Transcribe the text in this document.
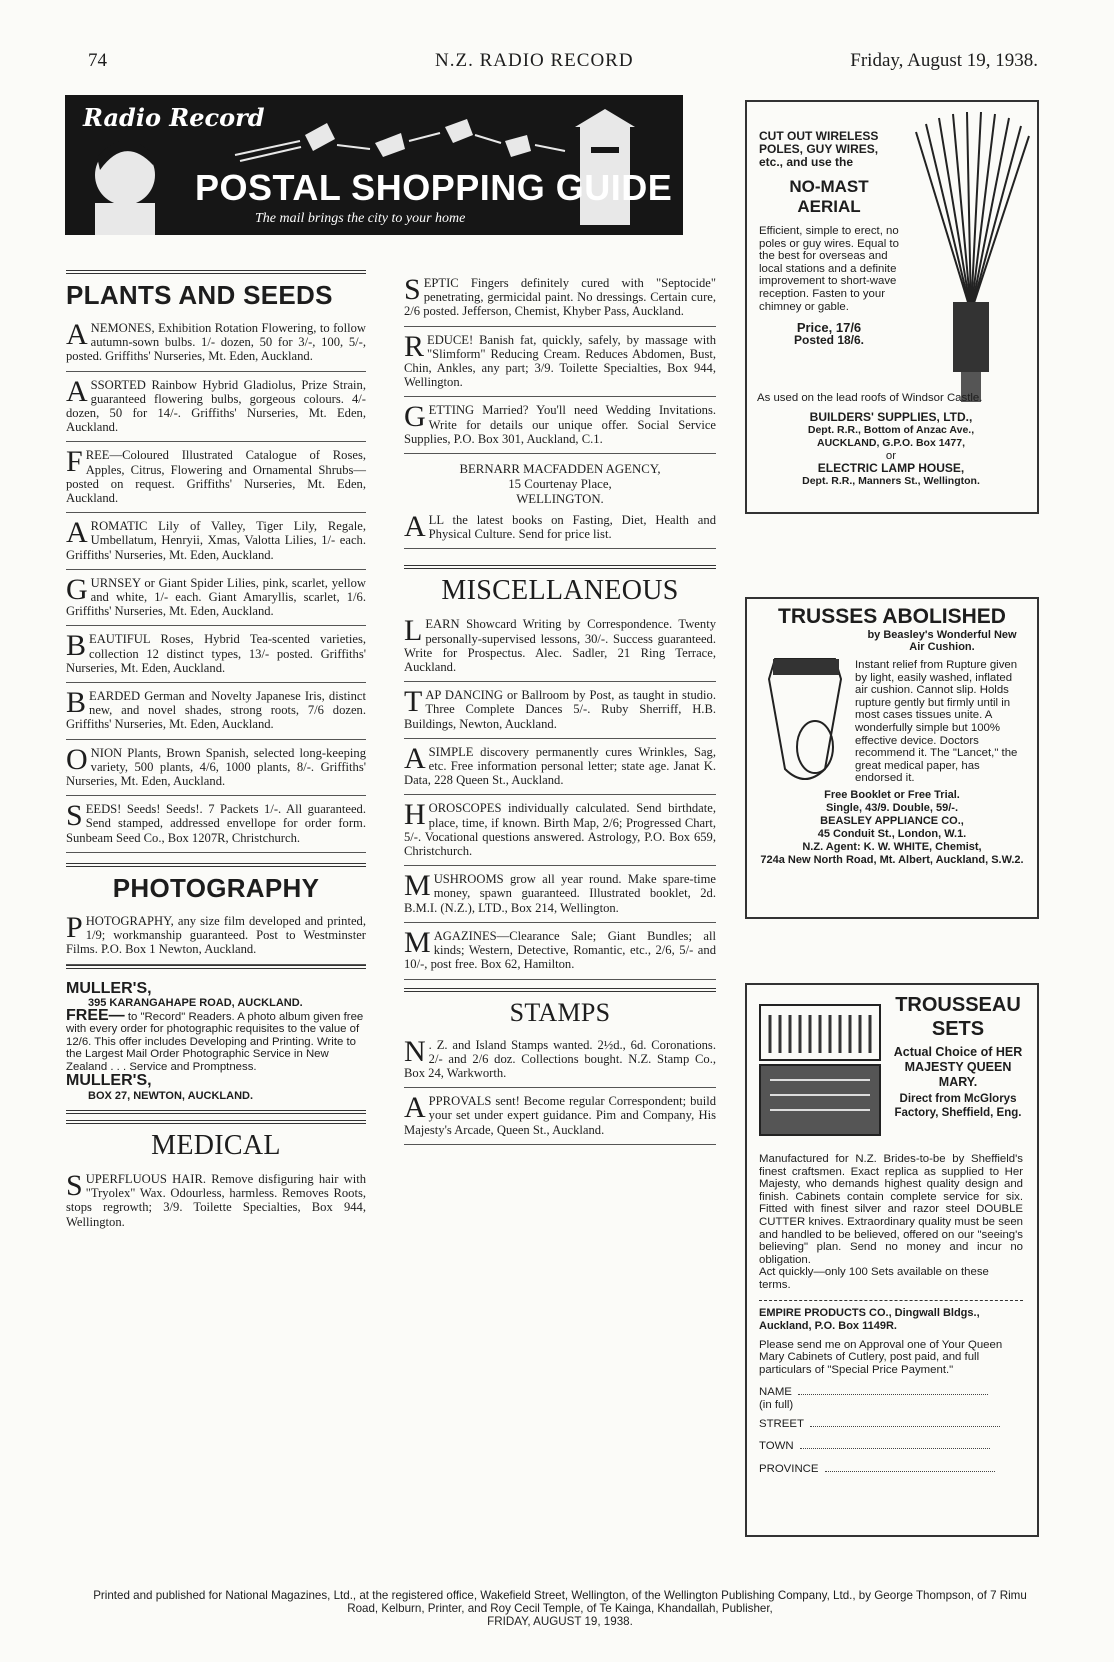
74	N.Z. RADIO RECORD	Friday, August 19, 1938.
Radio Record
POSTAL SHOPPING GUIDE
The mail brings the city to your home
PLANTS AND SEEDS

ANEMONES, Exhibition Rotation Flowering, to follow autumn-sown bulbs. 1/- dozen, 50 for 3/-, 100, 5/-, posted. Griffiths' Nurseries, Mt. Eden, Auckland.

ASSORTED Rainbow Hybrid Gladiolus, Prize Strain, guaranteed flowering bulbs, gorgeous colours. 4/- dozen, 50 for 14/-. Griffiths' Nurseries, Mt. Eden, Auckland.

FREE—Coloured Illustrated Catalogue of Roses, Apples, Citrus, Flowering and Ornamental Shrubs—posted on request. Griffiths' Nurseries, Mt. Eden, Auckland.

AROMATIC Lily of Valley, Tiger Lily, Regale, Umbellatum, Henryii, Xmas, Valotta Lilies, 1/- each. Griffiths' Nurseries, Mt. Eden, Auckland.

GURNSEY or Giant Spider Lilies, pink, scarlet, yellow and white, 1/- each. Giant Amaryllis, scarlet, 1/6. Griffiths' Nurseries, Mt. Eden, Auckland.

BEAUTIFUL Roses, Hybrid Tea-scented varieties, collection 12 distinct types, 13/- posted. Griffiths' Nurseries, Mt. Eden, Auckland.

BEARDED German and Novelty Japanese Iris, distinct new, and novel shades, strong roots, 7/6 dozen. Griffiths' Nurseries, Mt. Eden, Auckland.

ONION Plants, Brown Spanish, selected long-keeping variety, 500 plants, 4/6, 1000 plants, 8/-. Griffiths' Nurseries, Mt. Eden, Auckland.

SEEDS! Seeds! Seeds!. 7 Packets 1/-. All guaranteed. Send stamped, addressed envellope for order form. Sunbeam Seed Co., Box 1207R, Christchurch.

PHOTOGRAPHY

PHOTOGRAPHY, any size film developed and printed, 1/9; workmanship guaranteed. Post to Westminster Films. P.O. Box 1 Newton, Auckland.

MULLER'S,
395 KARANGAHAPE ROAD, AUCKLAND.
FREE— to "Record" Readers. A photo album given free with every order for photographic requisites to the value of 12/6. This offer includes Developing and Printing. Write to the Largest Mail Order Photographic Service in New Zealand . . . Service and Promptness.
MULLER'S,
BOX 27, NEWTON, AUCKLAND.
MEDICAL

SUPERFLUOUS HAIR. Remove disfiguring hair with "Tryolex" Wax. Odourless, harmless. Removes Roots, stops regrowth; 3/9. Toilette Specialties, Box 944, Wellington.

SEPTIC Fingers definitely cured with "Septocide" penetrating, germicidal paint. No dressings. Certain cure, 2/6 posted. Jefferson, Chemist, Khyber Pass, Auckland.

REDUCE! Banish fat, quickly, safely, by massage with "Slimform" Reducing Cream. Reduces Abdomen, Bust, Chin, Ankles, any part; 3/9. Toilette Specialties, Box 944, Wellington.

GETTING Married? You'll need Wedding Invitations. Write for details our unique offer. Social Service Supplies, P.O. Box 301, Auckland, C.1.

BERNARR MACFADDEN AGENCY,
15 Courtenay Place,
WELLINGTON.

ALL the latest books on Fasting, Diet, Health and Physical Culture. Send for price list.

MISCELLANEOUS

LEARN Showcard Writing by Correspondence. Twenty personally-supervised lessons, 30/-. Success guaranteed. Write for Prospectus. Alec. Sadler, 21 Ring Terrace, Auckland.

TAP DANCING or Ballroom by Post, as taught in studio. Three Complete Dances 5/-. Ruby Sherriff, H.B. Buildings, Newton, Auckland.

ASIMPLE discovery permanently cures Wrinkles, Sag, etc. Free information personal letter; state age. Janat K. Data, 228 Queen St., Auckland.

HOROSCOPES individually calculated. Send birthdate, place, time, if known. Birth Map, 2/6; Progressed Chart, 5/-. Vocational questions answered. Astrology, P.O. Box 659, Christchurch.

MUSHROOMS grow all year round. Make spare-time money, spawn guaranteed. Illustrated booklet, 2d. B.M.I. (N.Z.), LTD., Box 214, Wellington.

MAGAZINES—Clearance Sale; Giant Bundles; all kinds; Western, Detective, Romantic, etc., 2/6, 5/- and 10/-, post free. Box 62, Hamilton.

STAMPS

N . Z. and Island Stamps wanted. 2½d., 6d. Coronations. 2/- and 2/6 doz. Collections bought. N.Z. Stamp Co., Box 24, Warkworth.

APPROVALS sent! Become regular Correspondent; build your set under expert guidance. Pim and Company, His Majesty's Arcade, Queen St., Auckland.

CUT OUT WIRELESS POLES, GUY WIRES, etc., and use the
NO-MAST AERIAL
Efficient, simple to erect, no poles or guy wires. Equal to the best for overseas and local stations and a definite improvement to short-wave reception. Fasten to your chimney or gable.
Price, 17/6
Posted 18/6.
As used on the lead roofs of Windsor Castle.
BUILDERS' SUPPLIES, LTD.,
Dept. R.R., Bottom of Anzac Ave.,
AUCKLAND, G.P.O. Box 1477,
or
ELECTRIC LAMP HOUSE,
Dept. R.R., Manners St., Wellington.
TRUSSES ABOLISHED
by Beasley's Wonderful New Air Cushion.
Instant relief from Rupture given by light, easily washed, inflated air cushion. Cannot slip. Holds rupture gently but firmly until in most cases tissues unite. A wonderfully simple but 100% effective device. Doctors recommend it. The "Lancet," the great medical paper, has endorsed it.
Free Booklet or Free Trial.
Single, 43/9. Double, 59/-.
BEASLEY APPLIANCE CO.,
45 Conduit St., London, W.1.
N.Z. Agent: K. W. WHITE, Chemist,
724a New North Road, Mt. Albert, Auckland, S.W.2.
TROUSSEAU SETS
Actual Choice of HER MAJESTY QUEEN MARY.
Direct from McGlorys Factory, Sheffield, Eng.
Manufactured for N.Z. Brides-to-be by Sheffield's finest craftsmen. Exact replica as supplied to Her Majesty, who demands highest quality design and finish. Cabinets contain complete service for six. Fitted with finest silver and razor steel DOUBLE CUTTER knives. Extraordinary quality must be seen and handled to be believed, offered on our "seeing's believing" plan. Send no money and incur no obligation.
Act quickly—only 100 Sets available on these terms.
EMPIRE PRODUCTS CO., Dingwall Bldgs., Auckland, P.O. Box 1149R.
Please send me on Approval one of Your Queen Mary Cabinets of Cutlery, post paid, and full particulars of "Special Price Payment."
NAME
(in full)
STREET
TOWN
PROVINCE
Printed and published for National Magazines, Ltd., at the registered office, Wakefield Street, Wellington, of the Wellington Publishing Company, Ltd., by George Thompson, of 7 Rimu Road, Kelburn, Printer, and Roy Cecil Temple, of Te Kainga, Khandallah, Publisher,
FRIDAY, AUGUST 19, 1938.
